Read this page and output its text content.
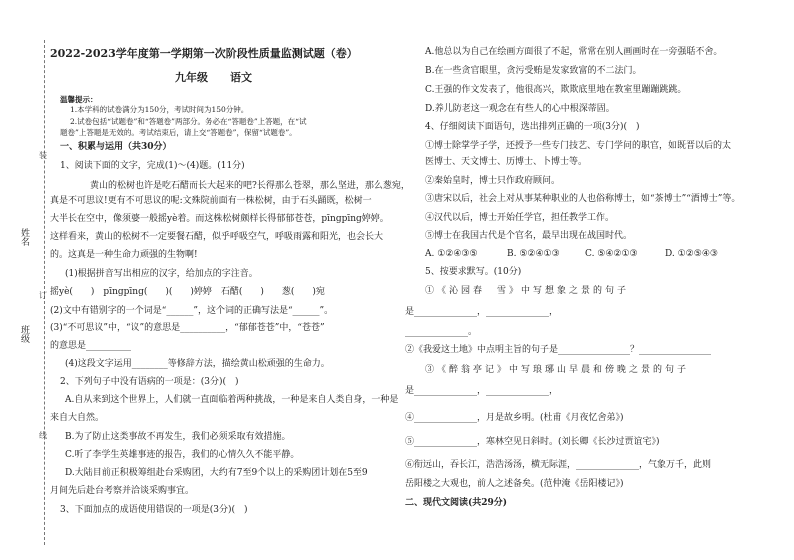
姓名
班级
装
订
线
2022-2023学年度第一学期第一次阶段性质量监测试题（卷）
九年级　　语文
温馨提示：
1.本学科的试卷满分为150分，考试时间为150分钟。
2.试卷包括“试题卷”和“答题卷”两部分。务必在“答题卷”上答题，在“试
题卷”上答题是无效的。考试结束后，请上交“答题卷”，保留“试题卷”。
一、积累与运用（共30分）
1、阅读下面的文字，完成(1)～(4)题。(11分)
黄山的松树也许是吃石醋而长大起来的吧?长得那么苍翠，那么坚进，那么葱宛，
真是不可思议!更有不可思议的呢:文殊院前面有一株松树，由于石头踊既，松树一
大半长在空中，像须婆一般摇yè着。而这株松树颇样长得郁郁苍苍，pīngpīng婷婷。
这样看来，黄山的松树不一定要餐石醋，似乎呼吸空气，呼吸雨露和阳光，也会长大
的。这真是一种生命力顽强的生物啊!
(1)根据拼音写出相应的汉字，给加点的字注音。
摇yè(　　)　pīngpīng(　　)(　　)婷婷　石醋(　　)　　葱(　　)宛
(2)文中有错别字的一个词是“______”，这个词的正确写法是“______”。
(3)“不可思议”中，“议”的意思是__________，“郁郁苍苍”中，“苍苍”
的意思是__________
(4)这段文字运用________等修辞方法，描绘黄山松顽强的生命力。
2、下列句子中没有语病的一项是：(3分)(　)
A.自从来到这个世界上，人们就一直面临着两种挑战，一种是来自人类自身，一种是
来自大自然。
B.为了防止这类事故不再发生，我们必须采取有效措施。
C.听了李学生英雄事迹的报告，我们的心情久久不能平静。
D.大陆目前正积极筹组赴台采购团，大约有7至9个以上的采购团计划在5至9
月间先后赴台考察并洽谈采购事宜。
3、下面加点的成语使用错误的一项是(3分)(　)
A.他总以为自己在绘画方面很了不起，常常在别人画画时在一旁强聒不舍。
B.在一些贪官眼里，贪污受贿是发家致富的不二法门。
C.王强的作文发表了，他很高兴，欺欺底里地在教室里蹦蹦跳跳。
D.养儿防老这一观念在有些人的心中根深蒂固。
4、仔细阅读下面语句，选出排列正确的一项(3分)(　)
①博士除掌学子学，还授予一些专门技艺、专门学问的职官，如既晋以后的太
医博士、天文博士、历博士、卜博士等。
②秦始皇时，博士只作政府顾问。
③唐宋以后，社会上对从事某种职业的人也俗称博士，如“茶博士”“酒博士”等。
④汉代以后，博士开始任学官，担任教学工作。
⑤博士在我国古代是个官名，最早出现在战国时代。
A. ①②④③⑤	B. ⑤②④①③	C. ⑤④②①③	D. ①②⑤④③
5、按要求默写。(10分)
①《沁园春　雪》中写想象之景的句子
是______________，______________，
______________。
②《我爱这土地》中点明主旨的句子是________________？________________
③《醉翁亭记》中写琅琊山早晨和傍晚之景的句子
是______________，______________，
④______________，月是故乡明。(杜甫《月夜忆舍弟》)
⑤______________，寒林空见日斜时。(刘长卿《长沙过贾谊宅》)
⑥衔远山，吞长江，浩浩汤汤，横无际涯，______________，气象万千，此则
岳阳楼之大观也，前人之述备矣。(范仲淹《岳阳楼记》)
二、现代文阅读(共29分)
